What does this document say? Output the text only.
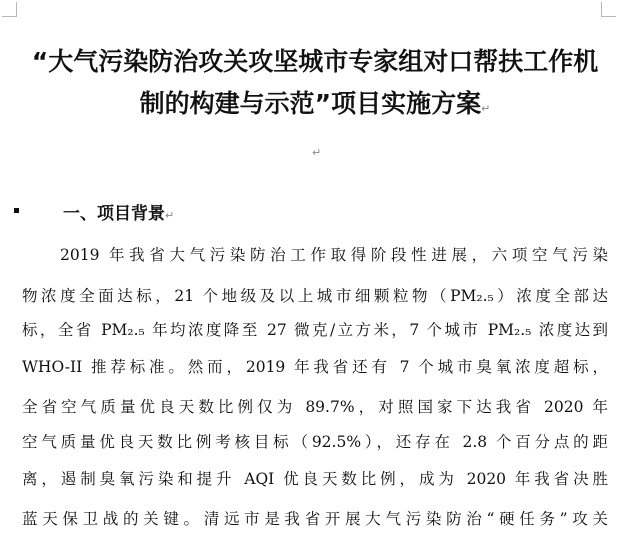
“大气污染防治攻关攻坚城市专家组对口帮扶工作机
制的构建与示范”项目实施方案↵
↵
一、项目背景↵
2019 年我省大气污染防治工作取得阶段性进展，六项空气污染
物浓度全面达标，21 个地级及以上城市细颗粒物（PM₂.₅）浓度全部达
标，全省 PM₂.₅ 年均浓度降至 27 微克/立方米，7 个城市 PM₂.₅ 浓度达到
WHO-II 推荐标准。然而，2019 年我省还有 7 个城市臭氧浓度超标，
全省空气质量优良天数比例仅为 89.7%，对照国家下达我省 2020 年
空气质量优良天数比例考核目标（92.5%），还存在 2.8 个百分点的距
离，遏制臭氧污染和提升 AQI 优良天数比例，成为 2020 年我省决胜
蓝天保卫战的关键。清远市是我省开展大气污染防治“硬任务”攻关
